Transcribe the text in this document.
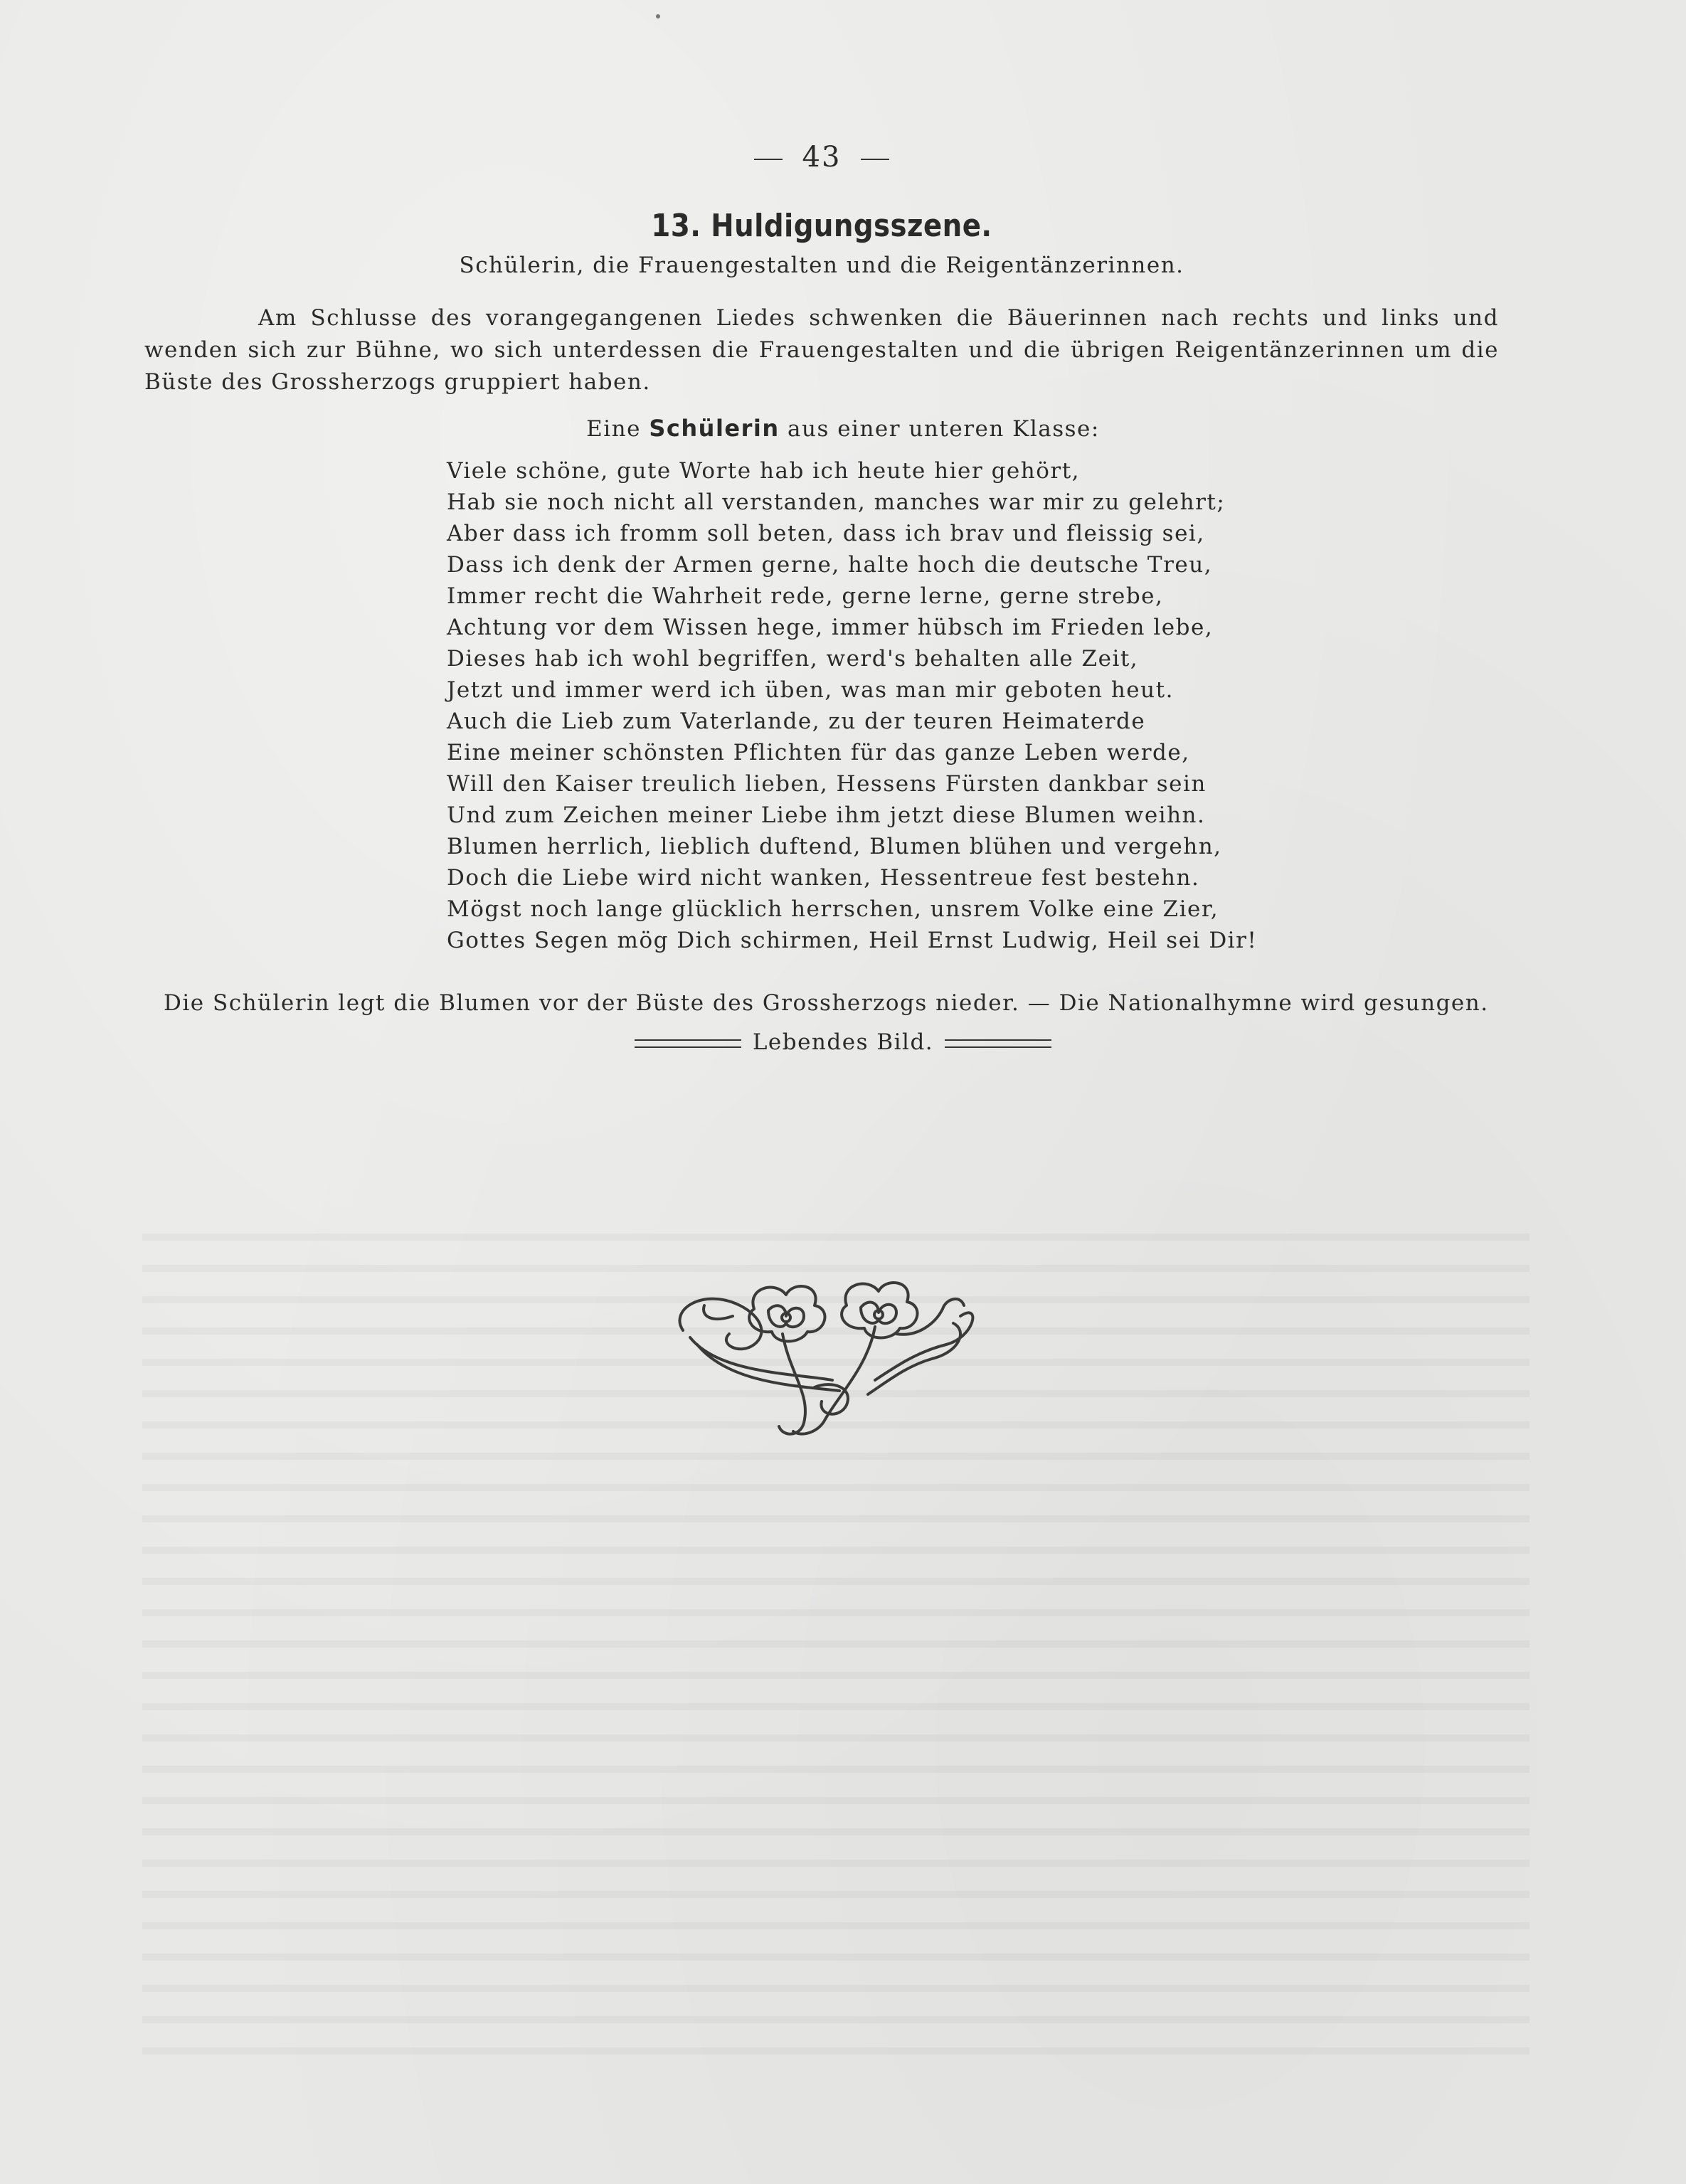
43
13. Huldigungsszene.
Schülerin, die Frauengestalten und die Reigentänzerinnen.

Am Schlusse des vorangegangenen Liedes schwenken die Bäuerinnen nach rechts und links und wenden sich zur Bühne, wo sich unterdessen die Frauengestalten und die übrigen Reigentänzerinnen um die Büste des Grossherzogs gruppiert haben.

Eine Schülerin aus einer unteren Klasse:
Viele schöne, gute Worte hab ich heute hier gehört,
Hab sie noch nicht all verstanden, manches war mir zu gelehrt;
Aber dass ich fromm soll beten, dass ich brav und fleissig sei,
Dass ich denk der Armen gerne, halte hoch die deutsche Treu,
Immer recht die Wahrheit rede, gerne lerne, gerne strebe,
Achtung vor dem Wissen hege, immer hübsch im Frieden lebe,
Dieses hab ich wohl begriffen, werd's behalten alle Zeit,
Jetzt und immer werd ich üben, was man mir geboten heut.
Auch die Lieb zum Vaterlande, zu der teuren Heimaterde
Eine meiner schönsten Pflichten für das ganze Leben werde,
Will den Kaiser treulich lieben, Hessens Fürsten dankbar sein
Und zum Zeichen meiner Liebe ihm jetzt diese Blumen weihn.
Blumen herrlich, lieblich duftend, Blumen blühen und vergehn,
Doch die Liebe wird nicht wanken, Hessentreue fest bestehn.
Mögst noch lange glücklich herrschen, unsrem Volke eine Zier,
Gottes Segen mög Dich schirmen, Heil Ernst Ludwig, Heil sei Dir!
Die Schülerin legt die Blumen vor der Büste des Grossherzogs nieder. — Die Nationalhymne wird gesungen.
Lebendes Bild.
